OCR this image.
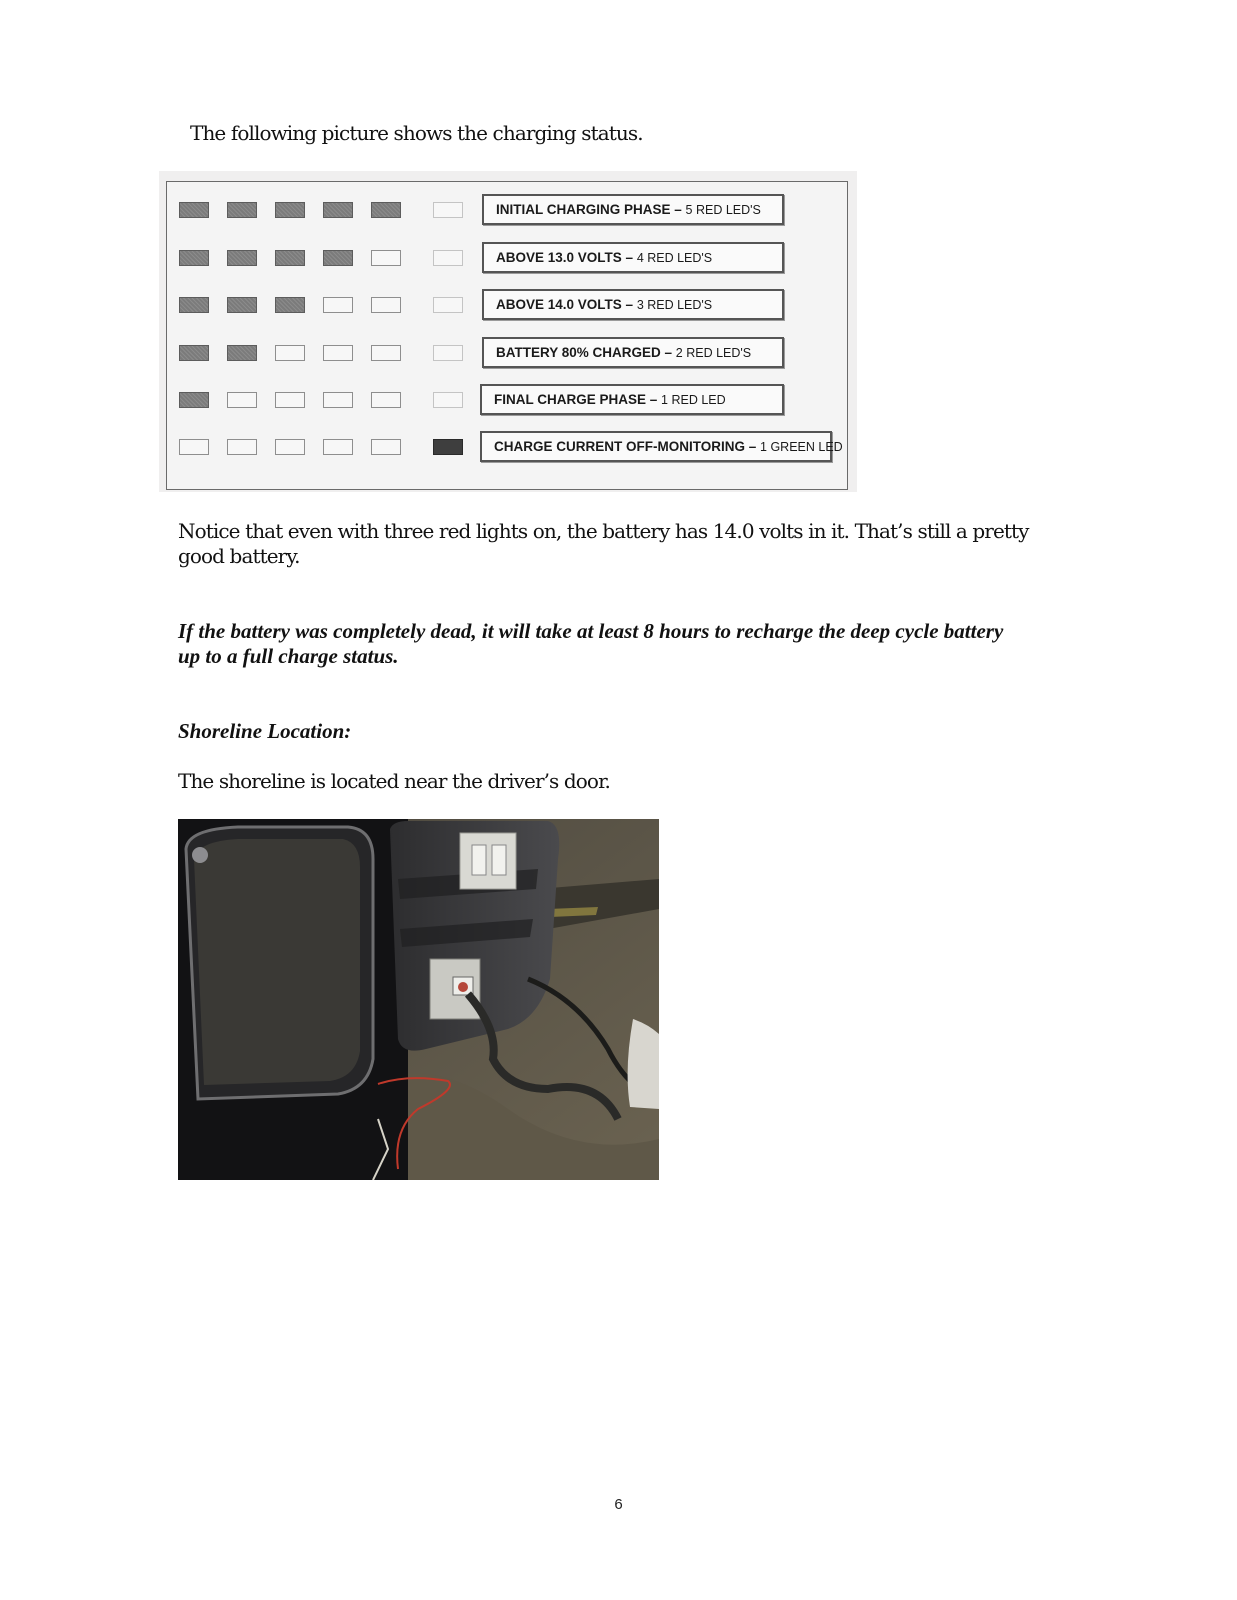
The following picture shows the charging status.

INITIAL CHARGING PHASE – 5 RED LED'S
ABOVE 13.0 VOLTS – 4 RED LED'S
ABOVE 14.0 VOLTS – 3 RED LED'S
BATTERY 80% CHARGED – 2 RED LED'S
FINAL CHARGE PHASE – 1 RED LED
CHARGE CURRENT OFF-MONITORING – 1 GREEN LED

Notice that even with three red lights on, the battery has 14.0 volts in it. That’s still a pretty good battery.

If the battery was completely dead, it will take at least 8 hours to recharge the deep cycle battery up to a full charge status.

Shoreline Location:

The shoreline is located near the driver’s door.

6
